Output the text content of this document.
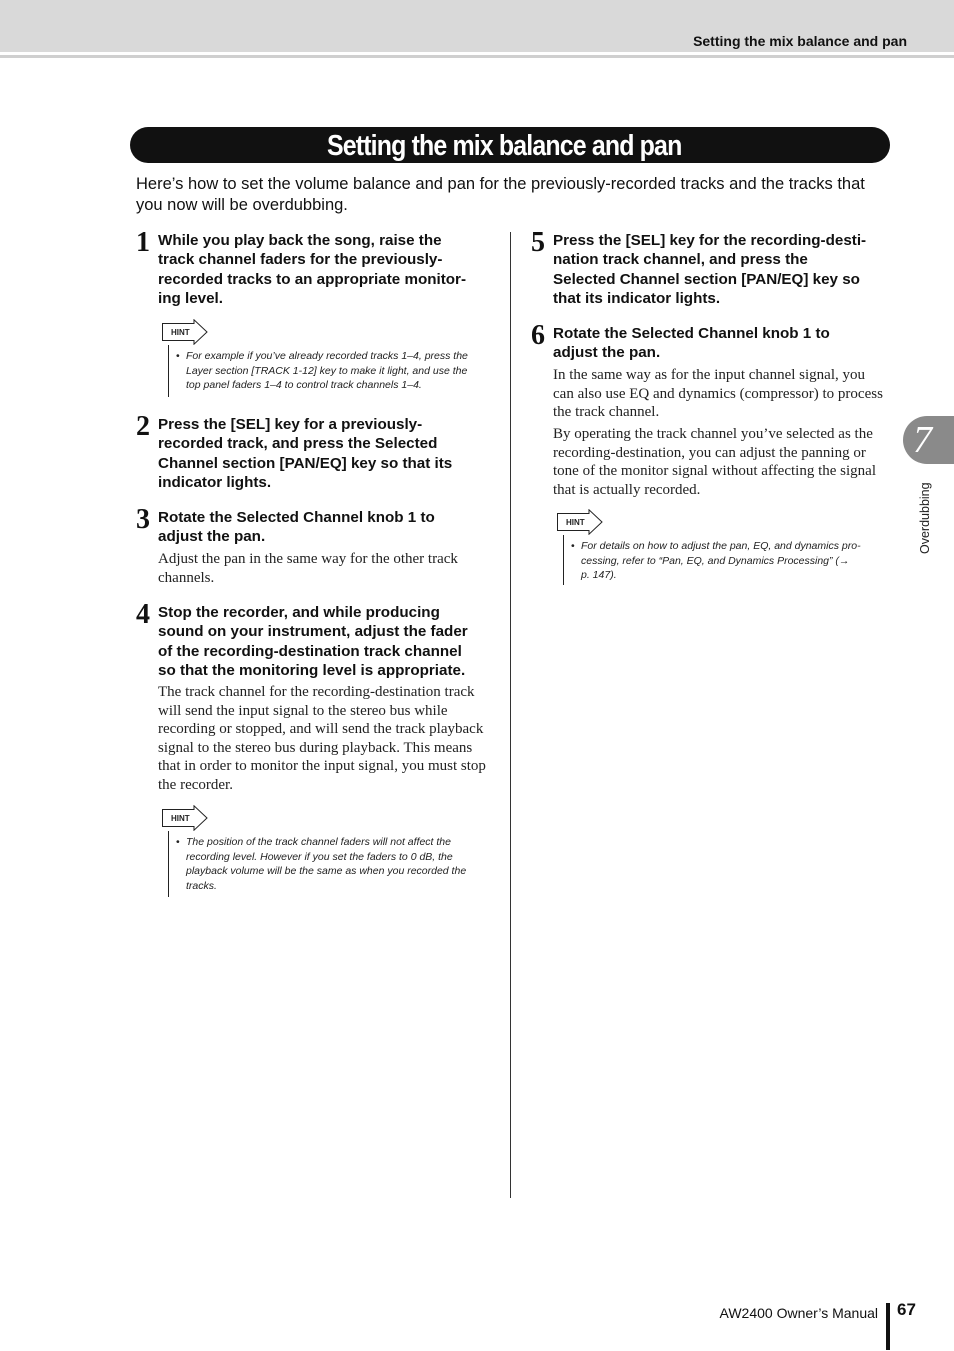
Setting the mix balance and pan
Setting the mix balance and pan
Here’s how to set the volume balance and pan for the previously-recorded tracks and the tracks that you now will be overdubbing.
1 While you play back the song, raise the
track channel faders for the previously-
recorded tracks to an appropriate monitor-
ing level.
HINT
• For example if you’ve already recorded tracks 1–4, press the
Layer section [TRACK 1-12] key to make it light, and use the
top panel faders 1–4 to control track channels 1–4.
2 Press the [SEL] key for a previously-
recorded track, and press the Selected
Channel section [PAN/EQ] key so that its
indicator lights.
3 Rotate the Selected Channel knob 1 to
adjust the pan.
Adjust the pan in the same way for the other track
channels.
4 Stop the recorder, and while producing
sound on your instrument, adjust the fader
of the recording-destination track channel
so that the monitoring level is appropriate.
The track channel for the recording-destination track
will send the input signal to the stereo bus while
recording or stopped, and will send the track playback
signal to the stereo bus during playback. This means
that in order to monitor the input signal, you must stop
the recorder.
HINT
• The position of the track channel faders will not affect the
recording level. However if you set the faders to 0 dB, the
playback volume will be the same as when you recorded the
tracks.
5 Press the [SEL] key for the recording-desti-
nation track channel, and press the
Selected Channel section [PAN/EQ] key so
that its indicator lights.
6 Rotate the Selected Channel knob 1 to
adjust the pan.
In the same way as for the input channel signal, you
can also use EQ and dynamics (compressor) to process
the track channel.
By operating the track channel you’ve selected as the
recording-destination, you can adjust the panning or
tone of the monitor signal without affecting the signal
that is actually recorded.
HINT
• For details on how to adjust the pan, EQ, and dynamics pro-
cessing, refer to “Pan, EQ, and Dynamics Processing” (→
p. 147).
7
Overdubbing
AW2400 Owner’s Manual 67
